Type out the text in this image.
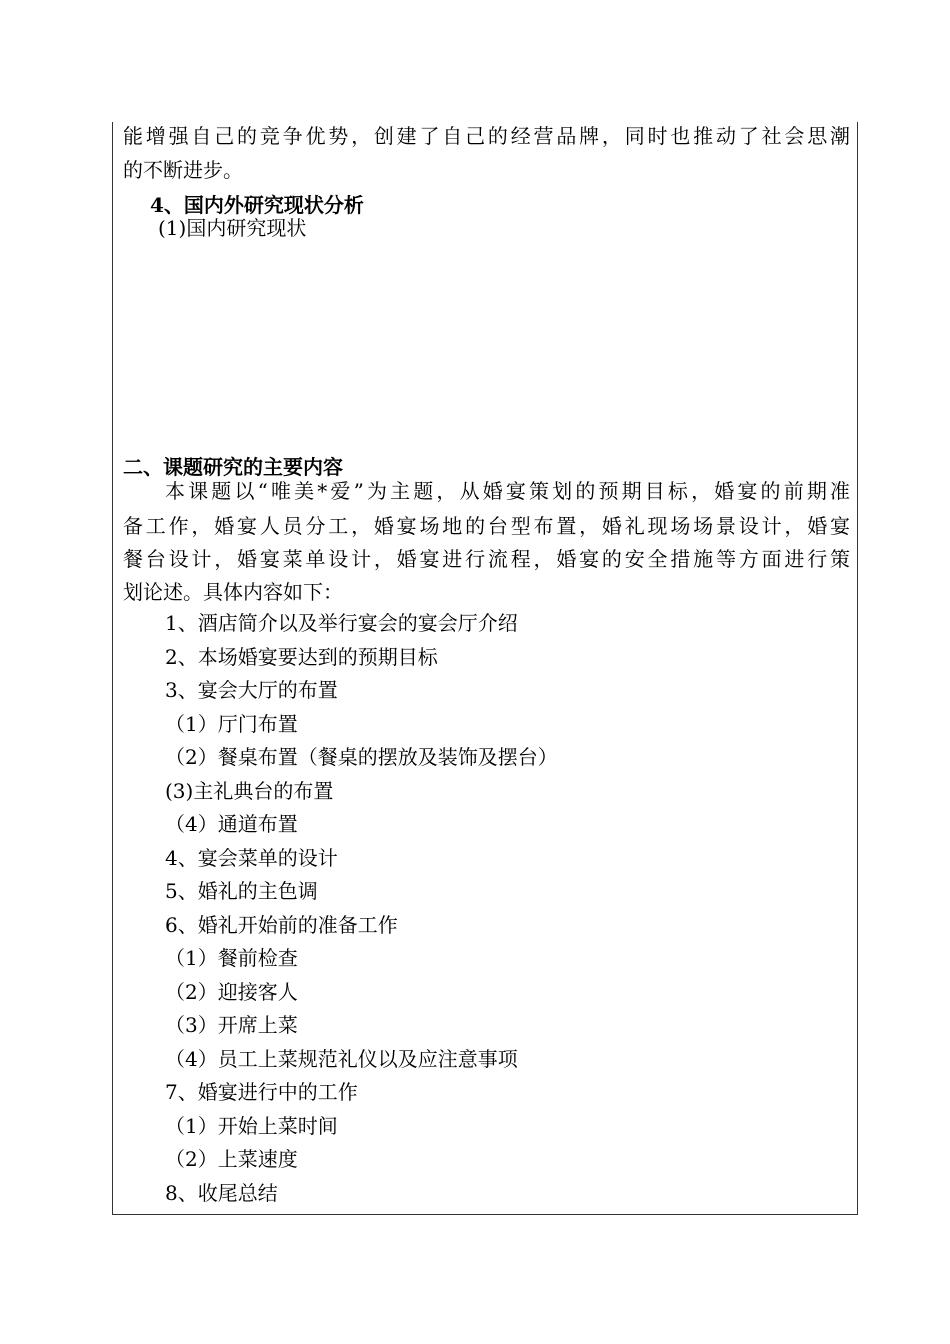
能增强自己的竞争优势，创建了自己的经营品牌，同时也推动了社会思潮
的不断进步。
4、国内外研究现状分析
(1)国内研究现状
二、课题研究的主要内容
本课题以“唯美*爱”为主题，从婚宴策划的预期目标，婚宴的前期准
备工作，婚宴人员分工，婚宴场地的台型布置，婚礼现场场景设计，婚宴
餐台设计，婚宴菜单设计，婚宴进行流程，婚宴的安全措施等方面进行策
划论述。具体内容如下：
1、酒店简介以及举行宴会的宴会厅介绍
2、本场婚宴要达到的预期目标
3、宴会大厅的布置
（1）厅门布置
（2）餐桌布置（餐桌的摆放及装饰及摆台）
(3)主礼典台的布置
（4）通道布置
4、宴会菜单的设计
5、婚礼的主色调
6、婚礼开始前的准备工作
（1）餐前检查
（2）迎接客人
（3）开席上菜
（4）员工上菜规范礼仪以及应注意事项
7、婚宴进行中的工作
（1）开始上菜时间
（2）上菜速度
8、收尾总结
